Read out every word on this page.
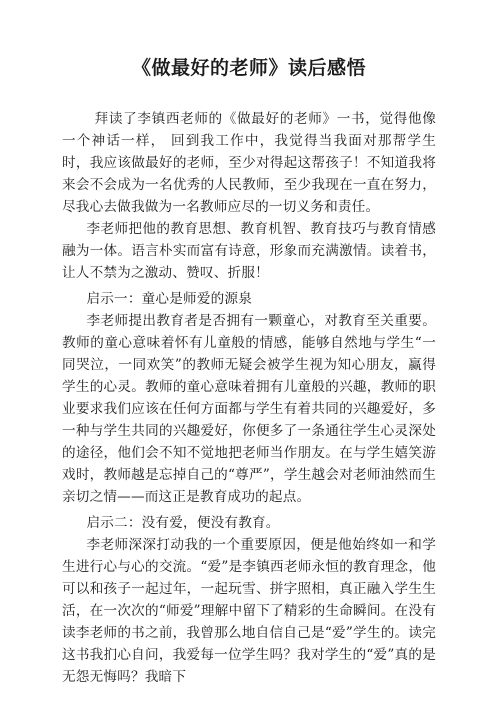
《做最好的老师》读后感悟

拜读了李镇西老师的《做最好的老师》一书，觉得他像一个神话一样， 回到我工作中，我觉得当我面对那帮学生时，我应该做最好的老师，至少对得起这帮孩子！不知道我将来会不会成为一名优秀的人民教师，至少我现在一直在努力，尽我心去做我做为一名教师应尽的一切义务和责任。

李老师把他的教育思想、教育机智、教育技巧与教育情感融为一体。语言朴实而富有诗意，形象而充满激情。读着书，让人不禁为之激动、赞叹、折服！

启示一：童心是师爱的源泉

李老师提出教育者是否拥有一颗童心，对教育至关重要。教师的童心意味着怀有儿童般的情感，能够自然地与学生“一同哭泣，一同欢笑”的教师无疑会被学生视为知心朋友，赢得学生的心灵。教师的童心意味着拥有儿童般的兴趣，教师的职业要求我们应该在任何方面都与学生有着共同的兴趣爱好，多一种与学生共同的兴趣爱好，你便多了一条通往学生心灵深处的途径，他们会不知不觉地把老师当作朋友。在与学生嬉笑游戏时，教师越是忘掉自己的“尊严”，学生越会对老师油然而生亲切之情——而这正是教育成功的起点。

启示二：没有爱，便没有教育。

李老师深深打动我的一个重要原因，便是他始终如一和学生进行心与心的交流。“爱”是李镇西老师永恒的教育理念，他可以和孩子一起过年，一起玩雪、拼字照相，真正融入学生生活，在一次次的“师爱”理解中留下了精彩的生命瞬间。在没有读李老师的书之前，我曾那么地自信自己是“爱”学生的。读完这书我扪心自问，我爱每一位学生吗？我对学生的“爱”真的是无怨无悔吗？我暗下
